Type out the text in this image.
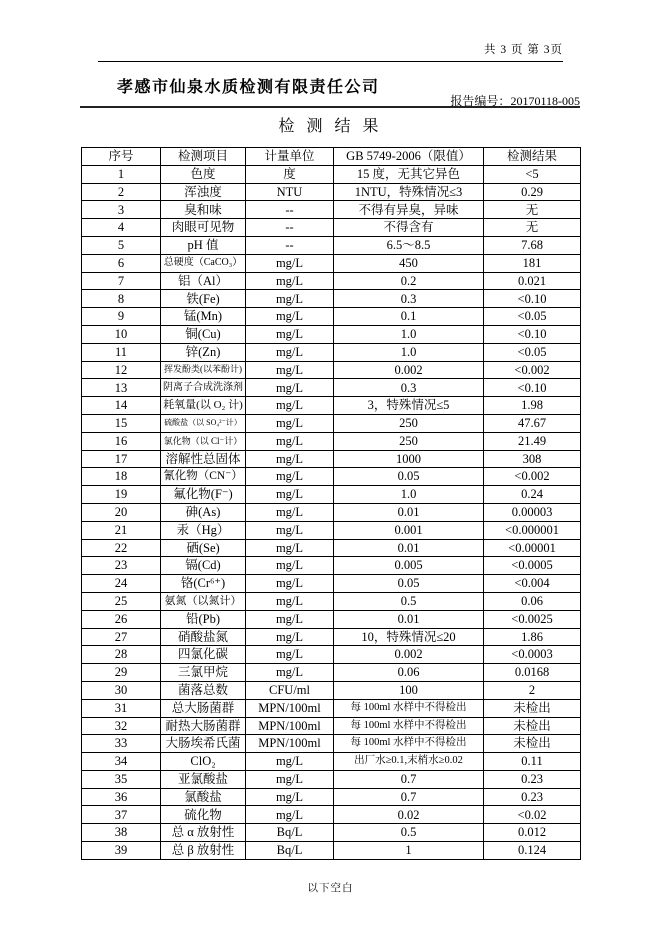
共 3 页 第 3页
孝感市仙泉水质检测有限责任公司
报告编号：20170118-005
检 测 结 果
序号	检测项目	计量单位	GB 5749-2006（限值）	检测结果
1	色度	度	15 度，无其它异色	<5
2	浑浊度	NTU	1NTU，特殊情况≤3	0.29
3	臭和味	--	不得有异臭，异味	无
4	肉眼可见物	--	不得含有	无
5	pH 值	--	6.5～8.5	7.68
6	总硬度（CaCO₃）	mg/L	450	181
7	铝（Al）	mg/L	0.2	0.021
8	铁(Fe)	mg/L	0.3	<0.10
9	锰(Mn)	mg/L	0.1	<0.05
10	铜(Cu)	mg/L	1.0	<0.10
11	锌(Zn)	mg/L	1.0	<0.05
12	挥发酚类(以苯酚计)	mg/L	0.002	<0.002
13	阴离子合成洗涤剂	mg/L	0.3	<0.10
14	耗氧量(以 O₂ 计)	mg/L	3，特殊情况≤5	1.98
15	硫酸盐（以 SO₄²⁻计）	mg/L	250	47.67
16	氯化物（以 Cl⁻计）	mg/L	250	21.49
17	溶解性总固体	mg/L	1000	308
18	氰化物（CN⁻）	mg/L	0.05	<0.002
19	氟化物(F⁻)	mg/L	1.0	0.24
20	砷(As)	mg/L	0.01	0.00003
21	汞（Hg）	mg/L	0.001	<0.000001
22	硒(Se)	mg/L	0.01	<0.00001
23	镉(Cd)	mg/L	0.005	<0.0005
24	铬(Cr⁶⁺)	mg/L	0.05	<0.004
25	氨氮（以氮计）	mg/L	0.5	0.06
26	铅(Pb)	mg/L	0.01	<0.0025
27	硝酸盐氮	mg/L	10，特殊情况≤20	1.86
28	四氯化碳	mg/L	0.002	<0.0003
29	三氯甲烷	mg/L	0.06	0.0168
30	菌落总数	CFU/ml	100	2
31	总大肠菌群	MPN/100ml	每 100ml 水样中不得检出	未检出
32	耐热大肠菌群	MPN/100ml	每 100ml 水样中不得检出	未检出
33	大肠埃希氏菌	MPN/100ml	每 100ml 水样中不得检出	未检出
34	ClO₂	mg/L	出厂水≥0.1,末梢水≥0.02	0.11
35	亚氯酸盐	mg/L	0.7	0.23
36	氯酸盐	mg/L	0.7	0.23
37	硫化物	mg/L	0.02	<0.02
38	总 α 放射性	Bq/L	0.5	0.012
39	总 β 放射性	Bq/L	1	0.124
以下空白
